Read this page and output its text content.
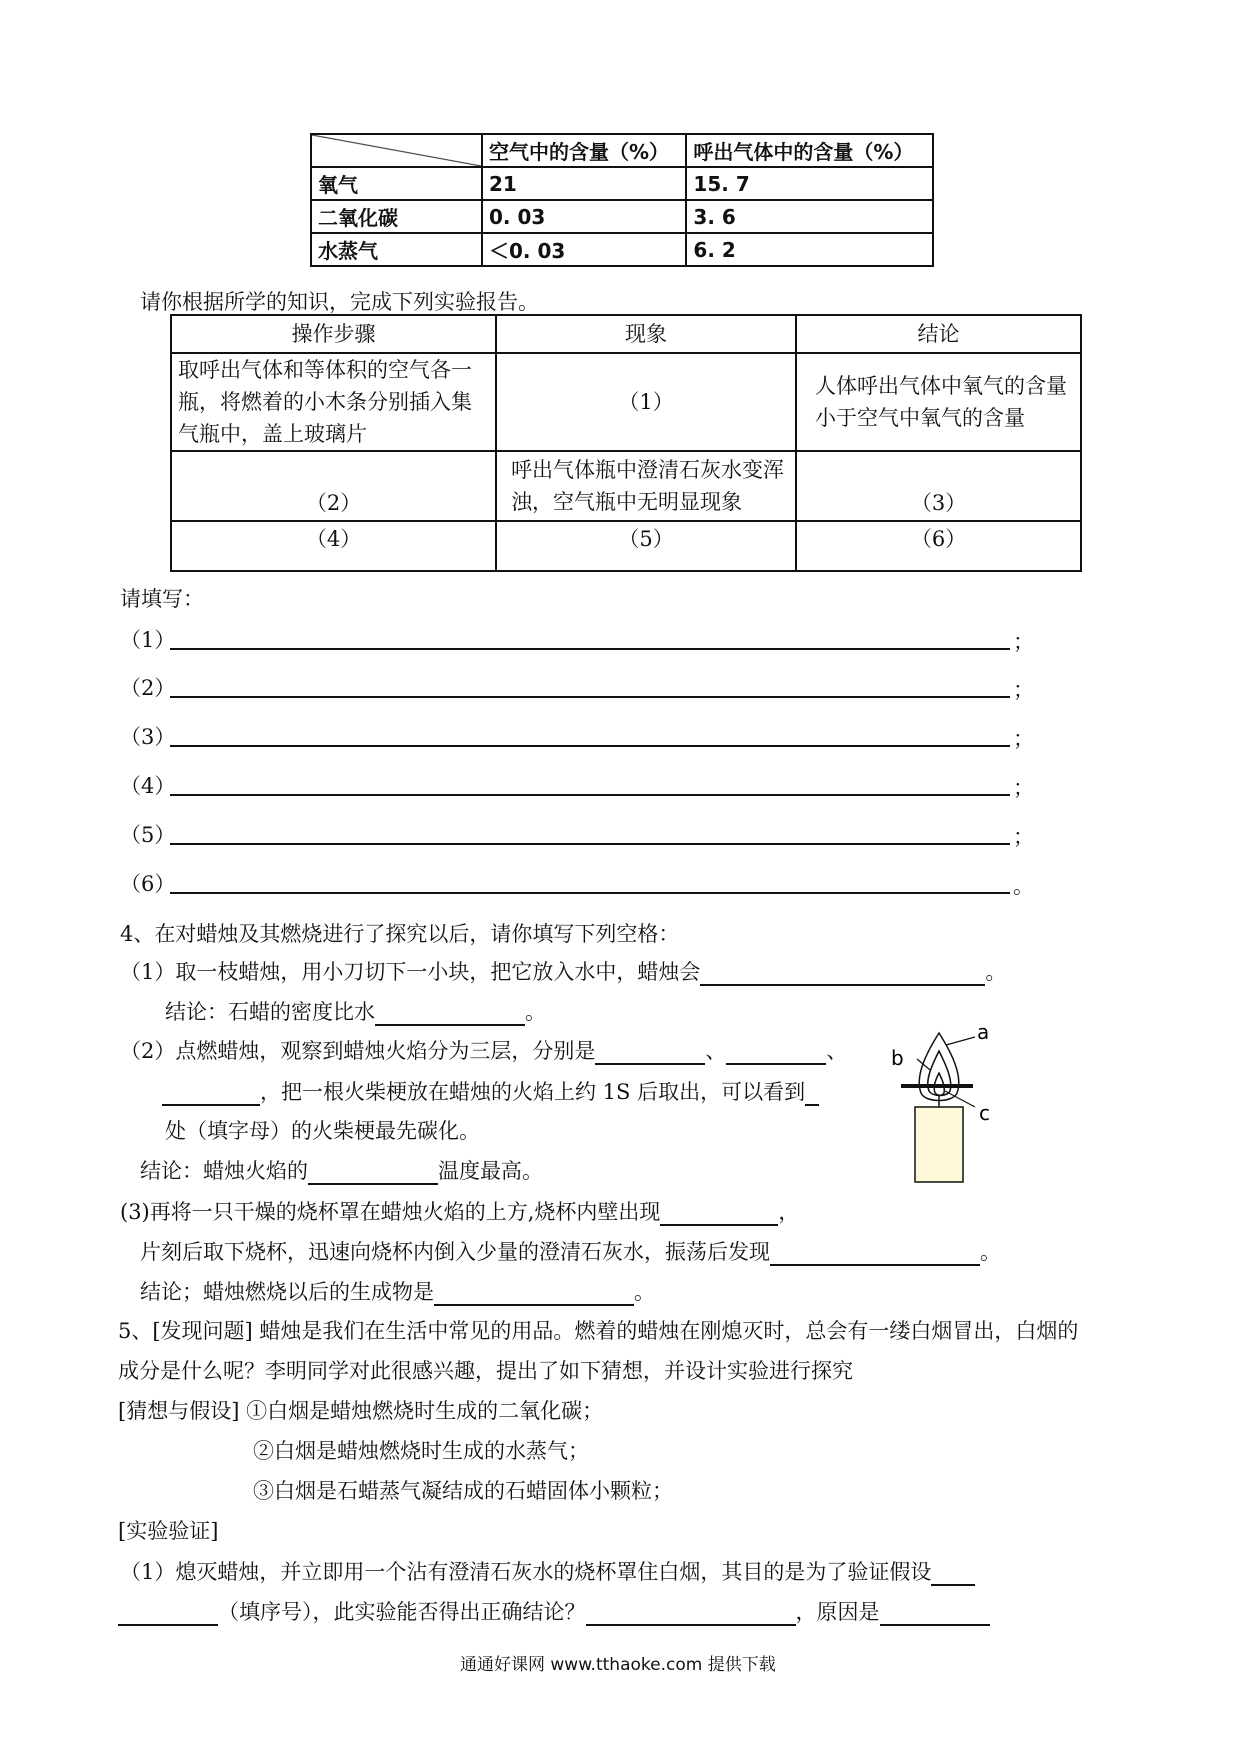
	空气中的含量（%）	呼出气体中的含量（%）
氧气	21	15. 7
二氧化碳	0. 03	3. 6
水蒸气	＜0. 03	6. 2
请你根据所学的知识，完成下列实验报告。
操作步骤	现象	结论
取呼出气体和等体积的空气各一瓶，将燃着的小木条分别插入集气瓶中，盖上玻璃片	（1）	人体呼出气体中氧气的含量小于空气中氧气的含量
（2）	呼出气体瓶中澄清石灰水变浑浊，空气瓶中无明显现象	（3）
（4）	（5）	（6）
请填写：
（1）	；
（2）	；
（3）	；
（4）	；
（5）	；
（6）	。
4、在对蜡烛及其燃烧进行了探究以后，请你填写下列空格：
（1）取一枝蜡烛，用小刀切下一小块，把它放入水中，蜡烛会	。
结论：石蜡的密度比水	。
（2）点燃蜡烛，观察到蜡烛火焰分为三层，分别是	、	、
，把一根火柴梗放在蜡烛的火焰上约 1S 后取出，可以看到
处（填字母）的火柴梗最先碳化。
结论：蜡烛火焰的	温度最高。
a
b
c
(3)再将一只干燥的烧杯罩在蜡烛火焰的上方,烧杯内壁出现	，
片刻后取下烧杯，迅速向烧杯内倒入少量的澄清石灰水，振荡后发现	。
结论；蜡烛燃烧以后的生成物是	。
5、[发现问题] 蜡烛是我们在生活中常见的用品。燃着的蜡烛在刚熄灭时，总会有一缕白烟冒出，白烟的
成分是什么呢？李明同学对此很感兴趣，提出了如下猜想，并设计实验进行探究
[猜想与假设] ①白烟是蜡烛燃烧时生成的二氧化碳；
②白烟是蜡烛燃烧时生成的水蒸气；
③白烟是石蜡蒸气凝结成的石蜡固体小颗粒；
[实验验证]
（1）熄灭蜡烛，并立即用一个沾有澄清石灰水的烧杯罩住白烟，其目的是为了验证假设
（填序号），此实验能否得出正确结论？	，原因是
通通好课网 www.tthaoke.com 提供下载
